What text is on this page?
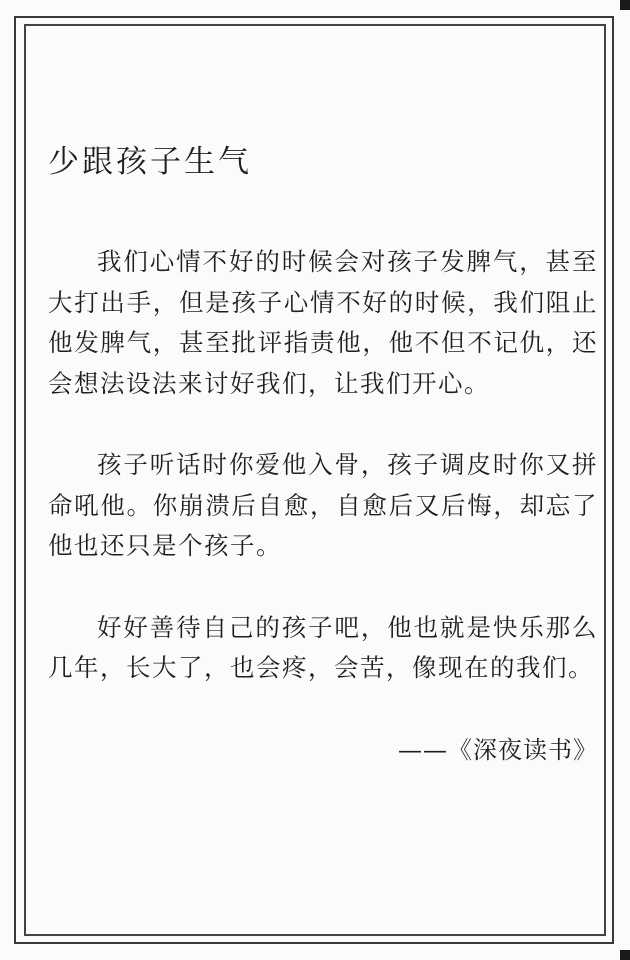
少跟孩子生气

我们心情不好的时候会对孩子发脾气，甚至大打出手，但是孩子心情不好的时候，我们阻止他发脾气，甚至批评指责他，他不但不记仇，还会想法设法来讨好我们，让我们开心。

孩子听话时你爱他入骨，孩子调皮时你又拼命吼他。你崩溃后自愈，自愈后又后悔，却忘了他也还只是个孩子。

好好善待自己的孩子吧，他也就是快乐那么几年，长大了，也会疼，会苦，像现在的我们。

——《深夜读书》
